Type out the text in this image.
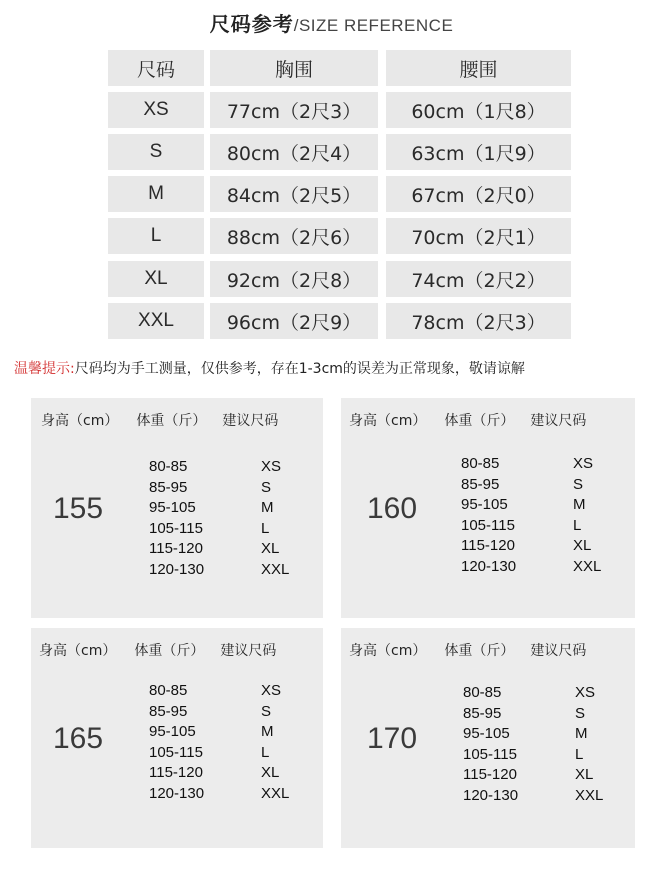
尺码参考/SIZE REFERENCE
尺码	胸围	腰围
XS	77cm（2尺3）	60cm（1尺8）
S	80cm（2尺4）	63cm（1尺9）
M	84cm（2尺5）	67cm（2尺0）
L	88cm（2尺6）	70cm（2尺1）
XL	92cm（2尺8）	74cm（2尺2）
XXL	96cm（2尺9）	78cm（2尺3）
温馨提示:尺码均为手工测量，仅供参考，存在1-3cm的误差为正常现象，敬请谅解
身高（cm） 体重（斤） 建议尺码
155
80-85	XS
85-95	S
95-105	M
105-115	L
115-120	XL
120-130	XXL
身高（cm） 体重（斤） 建议尺码
160
80-85	XS
85-95	S
95-105	M
105-115	L
115-120	XL
120-130	XXL
身高（cm） 体重（斤） 建议尺码
165
80-85	XS
85-95	S
95-105	M
105-115	L
115-120	XL
120-130	XXL
身高（cm） 体重（斤） 建议尺码
170
80-85	XS
85-95	S
95-105	M
105-115	L
115-120	XL
120-130	XXL
